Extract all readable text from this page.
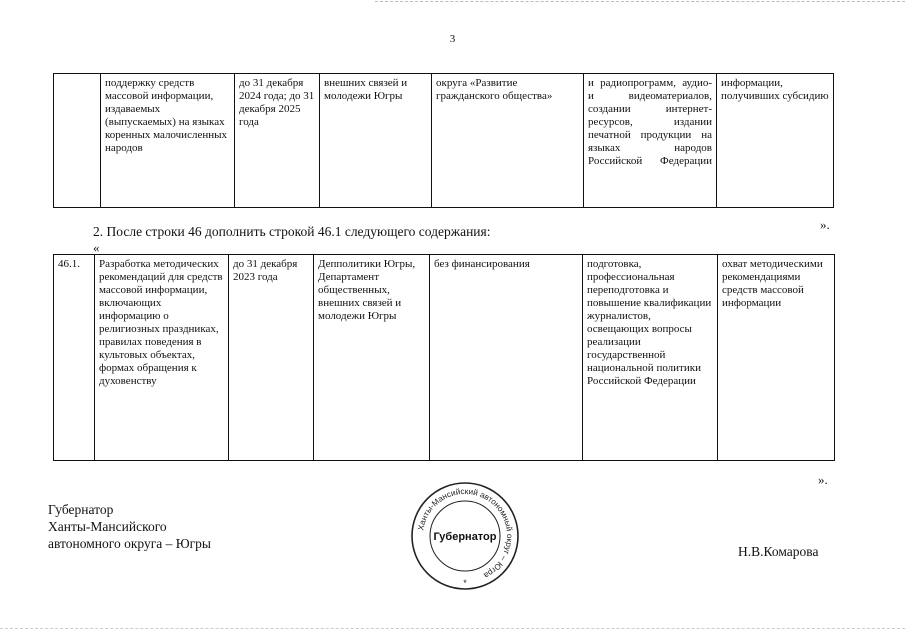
3
	поддержку средств массовой информации, издаваемых (выпускаемых) на языках коренных малочисленных народов	до 31 декабря 2024 года; до 31 декабря 2025 года	внешних связей и молодежи Югры	округа «Развитие гражданского общества»	и радиопрограмм, аудио- и видеоматериалов, создании интернет-ресурсов, издании печатной продукции на языках народов Российской Федерации	информации, получивших субсидию
».
2. После строки 46 дополнить строкой 46.1 следующего содержания:
«
46.1.	Разработка методических рекомендаций для средств массовой информации, включающих информацию о религиозных праздниках, правилах поведения в культовых объектах, формах обращения к духовенству	до 31 декабря 2023 года	Депполитики Югры, Департамент общественных, внешних связей и молодежи Югры	без финансирования	подготовка, профессиональная переподготовка и повышение квалификации журналистов, освещающих вопросы реализации государственной национальной политики Российской Федерации	охват методическими рекомендациями средств массовой информации
».
Губернатор
Ханты-Мансийского
автономного округа – Югры
Ханты-Мансийский автономный округ – Югра
Губернатор
*
Н.В.Комарова
